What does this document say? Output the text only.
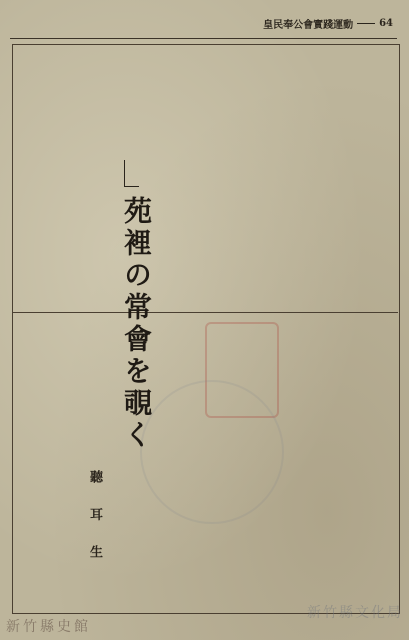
皇民奉公會實踐運動	64
苑裡の常會を覗く
聽 耳 生
新竹縣史館
新竹縣文化局
